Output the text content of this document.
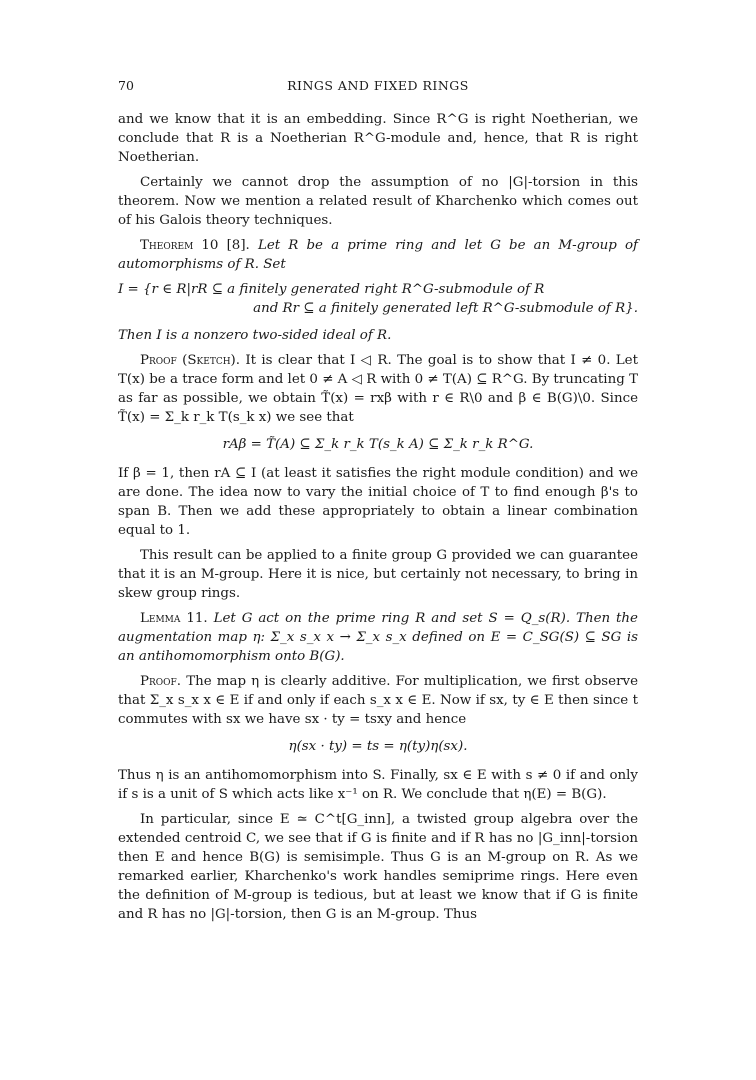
70	RINGS AND FIXED RINGS

and we know that it is an embedding. Since R^G is right Noetherian, we conclude that R is a Noetherian R^G-module and, hence, that R is right Noetherian.

Certainly we cannot drop the assumption of no |G|-torsion in this theorem. Now we mention a related result of Kharchenko which comes out of his Galois theory techniques.

Theorem 10 [8]. Let R be a prime ring and let G be an M-group of automorphisms of R. Set

I = {r ∈ R|rR ⊆ a finitely generated right R^G-submodule of R

and Rr ⊆ a finitely generated left R^G-submodule of R}.

Then I is a nonzero two-sided ideal of R.

Proof (Sketch). It is clear that I ◁ R. The goal is to show that I ≠ 0. Let T(x) be a trace form and let 0 ≠ A ◁ R with 0 ≠ T(A) ⊆ R^G. By truncating T as far as possible, we obtain T̃(x) = rxβ with r ∈ R\0 and β ∈ B(G)\0. Since T̃(x) = Σ_k r_k T(s_k x) we see that

rAβ = T̃(A) ⊆ Σ_k r_k T(s_k A) ⊆ Σ_k r_k R^G.

If β = 1, then rA ⊆ I (at least it satisfies the right module condition) and we are done. The idea now to vary the initial choice of T to find enough β's to span B. Then we add these appropriately to obtain a linear combination equal to 1.

This result can be applied to a finite group G provided we can guarantee that it is an M-group. Here it is nice, but certainly not necessary, to bring in skew group rings.

Lemma 11. Let G act on the prime ring R and set S = Q_s(R). Then the augmentation map η: Σ_x s_x x → Σ_x s_x defined on E = C_SG(S) ⊆ SG is an antihomomorphism onto B(G).

Proof. The map η is clearly additive. For multiplication, we first observe that Σ_x s_x x ∈ E if and only if each s_x x ∈ E. Now if sx, ty ∈ E then since t commutes with sx we have sx · ty = tsxy and hence

η(sx · ty) = ts = η(ty)η(sx).

Thus η is an antihomomorphism into S. Finally, sx ∈ E with s ≠ 0 if and only if s is a unit of S which acts like x⁻¹ on R. We conclude that η(E) = B(G).

In particular, since E ≃ C^t[G_inn], a twisted group algebra over the extended centroid C, we see that if G is finite and if R has no |G_inn|-torsion then E and hence B(G) is semisimple. Thus G is an M-group on R. As we remarked earlier, Kharchenko's work handles semiprime rings. Here even the definition of M-group is tedious, but at least we know that if G is finite and R has no |G|-torsion, then G is an M-group. Thus
